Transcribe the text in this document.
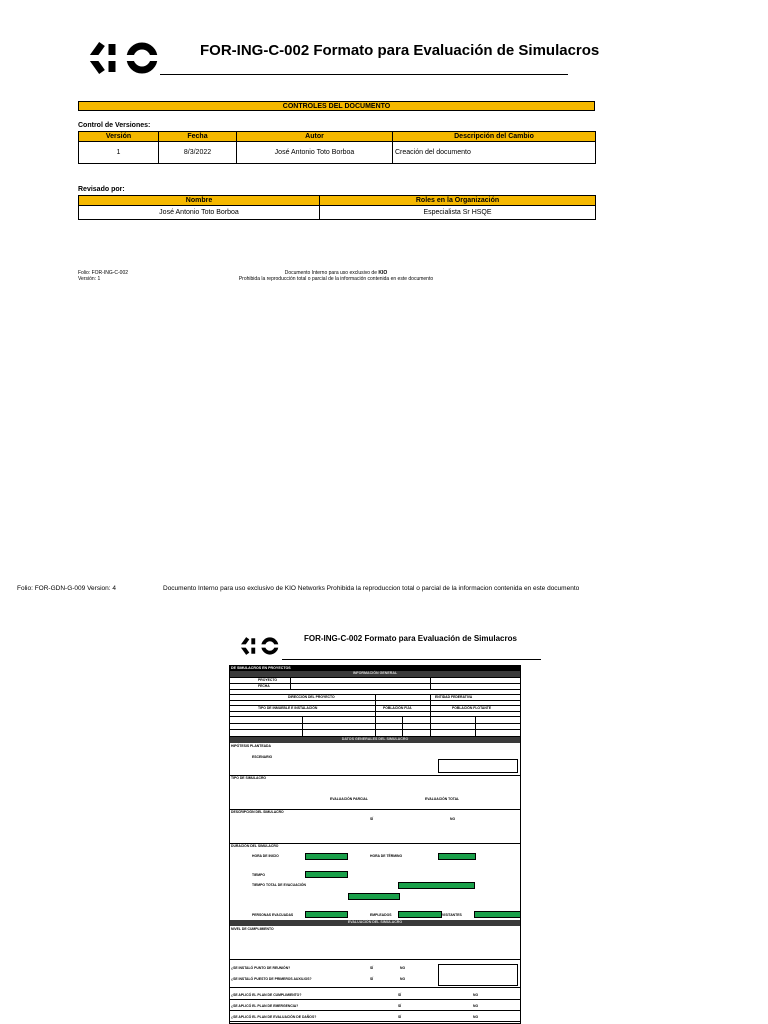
FOR-ING-C-002 Formato para Evaluación de Simulacros
CONTROLES DEL DOCUMENTO
Control de Versiones:
Versión	Fecha	Autor	Descripción del Cambio
1	8/3/2022	José Antonio Toto Borboa	Creación del documento
Revisado por:
Nombre	Roles en la Organización
José Antonio Toto Borboa	Especialista Sr HSQE
Folio: FOR-ING-C-002
Versión: 1
Documento Interno para uso exclusivo de KIO
Prohibida la reproducción total o parcial de la información contenida en este documento
Folio: FOR-GDN-G-009 Version: 4	Documento Interno para uso exclusivo de KIO Networks Prohibida la reproduccion total o parcial de la informacion contenida en este documento
FOR-ING-C-002 Formato para Evaluación de Simulacros
DE SIMULACROS EN PROYECTOS
INFORMACIÓN GENERAL
PROYECTO
FECHA
DIRECCIÓN DEL PROYECTO	ENTIDAD FEDERATIVA
TIPO DE INMUEBLE E INSTALACIÓN	POBLACIÓN FIJA	POBLACIÓN FLOTANTE
DATOS GENERALES DEL SIMULACRO
HIPÓTESIS PLANTEADA
ESCENARIO
TIPO DE SIMULACRO
EVALUACIÓN PARCIAL	EVALUACIÓN TOTAL
DESCRIPCIÓN DEL SIMULACRO
SÍ	NO
DURACIÓN DEL SIMULACRO
HORA DE INICIO	HORA DE TÉRMINO
TIEMPO
TIEMPO TOTAL DE EVACUACIÓN
PERSONAS EVACUADAS	EMPLEADOS	VISITANTES
EVALUACIÓN DEL SIMULACRO
NIVEL DE CUMPLIMIENTO
¿SE INSTALÓ PUNTO DE REUNIÓN?	SÍ	NO
¿SE INSTALÓ PUESTO DE PRIMEROS AUXILIOS?	SÍ	NO
¿SE APLICÓ EL PLAN DE CUMPLIMIENTO?	SÍ	NO
¿SE APLICÓ EL PLAN DE EMERGENCIA?	SÍ	NO
¿SE APLICÓ EL PLAN DE EVALUACIÓN DE DAÑOS?	SÍ	NO
